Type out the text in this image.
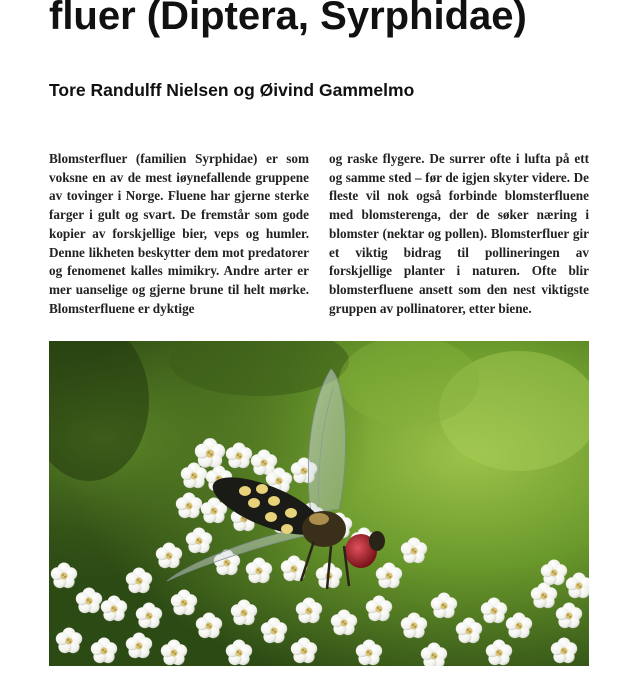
fluer (Diptera, Syrphidae)
Tore Randulff Nielsen og Øivind Gammelmo

Blomsterfluer (familien Syrphidae) er som voksne en av de mest iøynefallende gruppene av tovinger i Norge. Fluene har gjerne sterke farger i gult og svart. De fremstår som gode kopier av forskjellige bier, veps og humler. Denne likheten beskytter dem mot predatorer og fenomenet kalles mimikry. Andre arter er mer uanselige og gjerne brune til helt mørke. Blomsterfluene er dyktige

og raske flygere. De surrer ofte i lufta på ett og samme sted – før de igjen skyter videre. De fleste vil nok også forbinde blomsterfluene med blomsterenga, der de søker næring i blomster (nektar og pollen). Blomsterfluer gir et viktig bidrag til pollineringen av forskjellige planter i naturen. Ofte blir blomsterfluene ansett som den nest viktigste gruppen av pollinatorer, etter biene.
